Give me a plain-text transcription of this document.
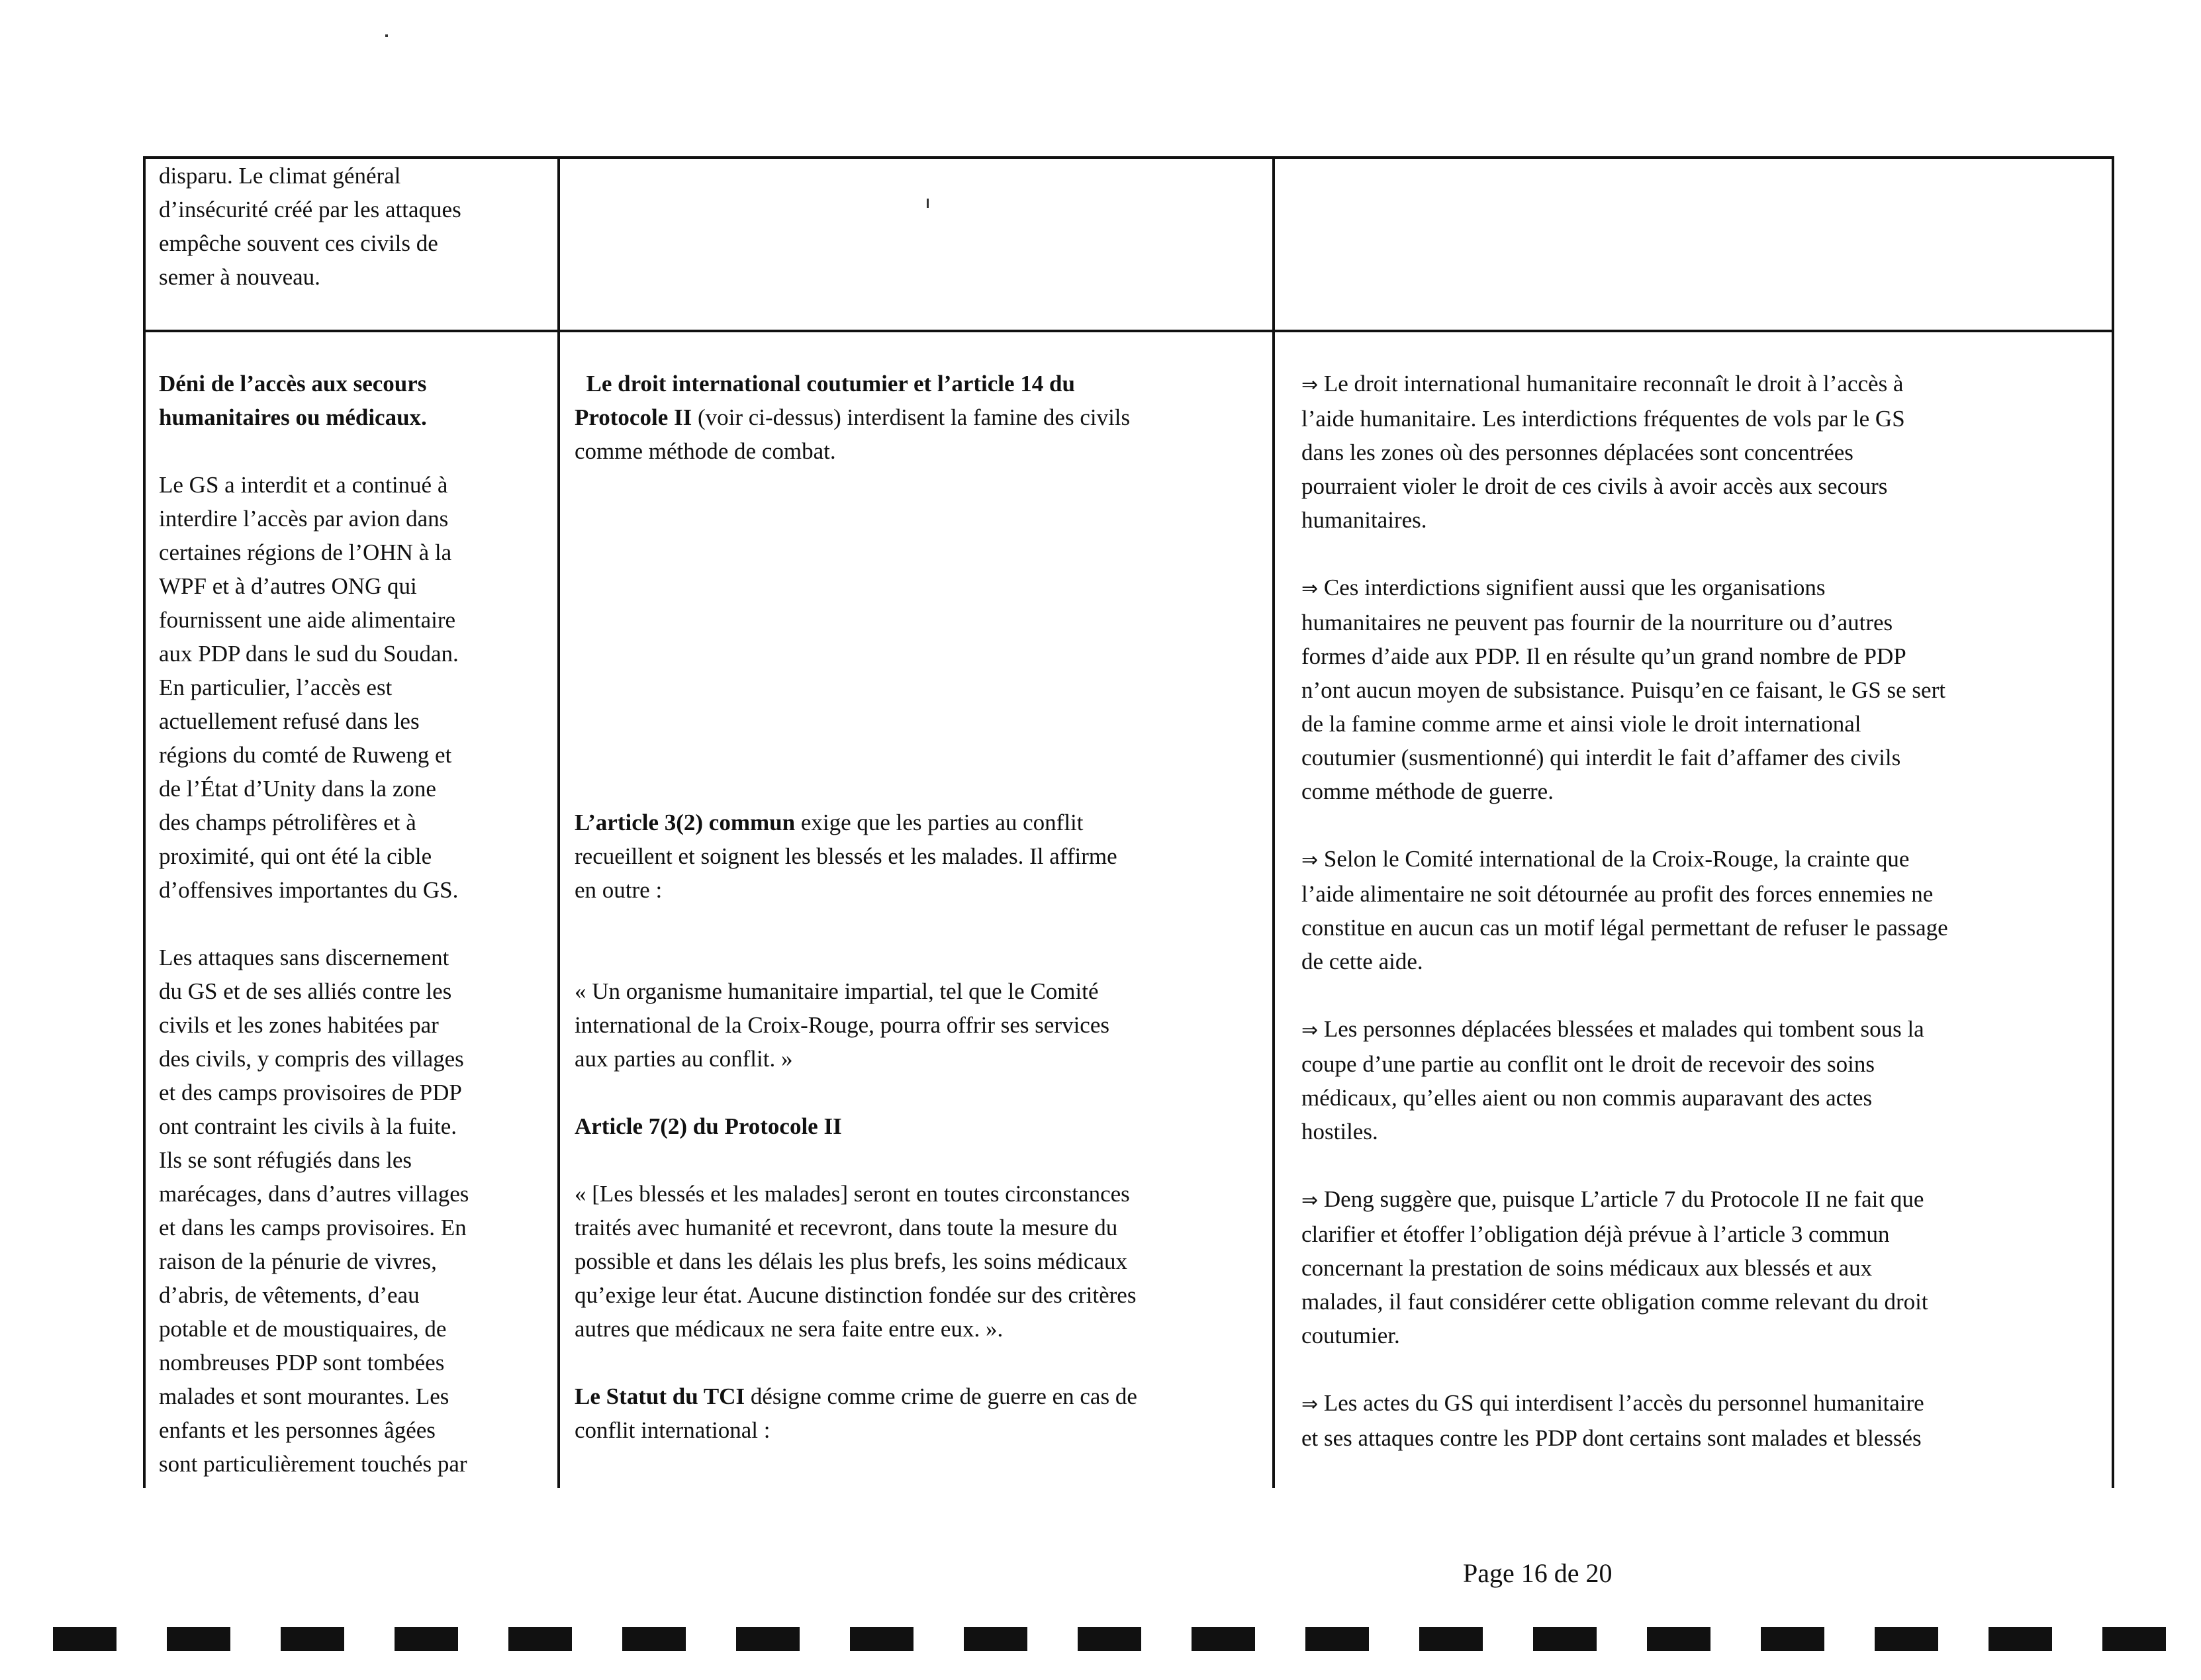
disparu. Le climat général

d’insécurité créé par les attaques

empêche souvent ces civils de

semer à nouveau.

Déni de l’accès aux secours

humanitaires ou médicaux.

Le GS a interdit et a continué à

interdire l’accès par avion dans

certaines régions de l’OHN à la

WPF et à d’autres ONG qui

fournissent une aide alimentaire

aux PDP dans le sud du Soudan.

En particulier, l’accès est

actuellement refusé dans les

régions du comté de Ruweng et

de l’État d’Unity dans la zone

des champs pétrolifères et à

proximité, qui ont été la cible

d’offensives importantes du GS.

Les attaques sans discernement

du GS et de ses alliés contre les

civils et les zones habitées par

des civils, y compris des villages

et des camps provisoires de PDP

ont contraint les civils à la fuite.

Ils se sont réfugiés dans les

marécages, dans d’autres villages

et dans les camps provisoires. En

raison de la pénurie de vivres,

d’abris, de vêtements, d’eau

potable et de moustiquaires, de

nombreuses PDP sont tombées

malades et sont mourantes. Les

enfants et les personnes âgées

sont particulièrement touchés par

Le droit international coutumier et l’article 14 du

Protocole II (voir ci-dessus) interdisent la famine des civils

comme méthode de combat.

L’article 3(2) commun exige que les parties au conflit

recueillent et soignent les blessés et les malades. Il affirme

en outre :

« Un organisme humanitaire impartial, tel que le Comité

international de la Croix-Rouge, pourra offrir ses services

aux parties au conflit. »

Article 7(2) du Protocole II

« [Les blessés et les malades] seront en toutes circonstances

traités avec humanité et recevront, dans toute la mesure du

possible et dans les délais les plus brefs, les soins médicaux

qu’exige leur état. Aucune distinction fondée sur des critères

autres que médicaux ne sera faite entre eux. ».

Le Statut du TCI désigne comme crime de guerre en cas de

conflit international :

⇒ Le droit international humanitaire reconnaît le droit à l’accès à

l’aide humanitaire. Les interdictions fréquentes de vols par le GS

dans les zones où des personnes déplacées sont concentrées

pourraient violer le droit de ces civils à avoir accès aux secours

humanitaires.

⇒ Ces interdictions signifient aussi que les organisations

humanitaires ne peuvent pas fournir de la nourriture ou d’autres

formes d’aide aux PDP. Il en résulte qu’un grand nombre de PDP

n’ont aucun moyen de subsistance. Puisqu’en ce faisant, le GS se sert

de la famine comme arme et ainsi viole le droit international

coutumier (susmentionné) qui interdit le fait d’affamer des civils

comme méthode de guerre.

⇒ Selon le Comité international de la Croix-Rouge, la crainte que

l’aide alimentaire ne soit détournée au profit des forces ennemies ne

constitue en aucun cas un motif légal permettant de refuser le passage

de cette aide.

⇒ Les personnes déplacées blessées et malades qui tombent sous la

coupe d’une partie au conflit ont le droit de recevoir des soins

médicaux, qu’elles aient ou non commis auparavant des actes

hostiles.

⇒ Deng suggère que, puisque L’article 7 du Protocole II ne fait que

clarifier et étoffer l’obligation déjà prévue à l’article 3 commun

concernant la prestation de soins médicaux aux blessés et aux

malades, il faut considérer cette obligation comme relevant du droit

coutumier.

⇒ Les actes du GS qui interdisent l’accès du personnel humanitaire

et ses attaques contre les PDP dont certains sont malades et blessés

Page 16 de 20
